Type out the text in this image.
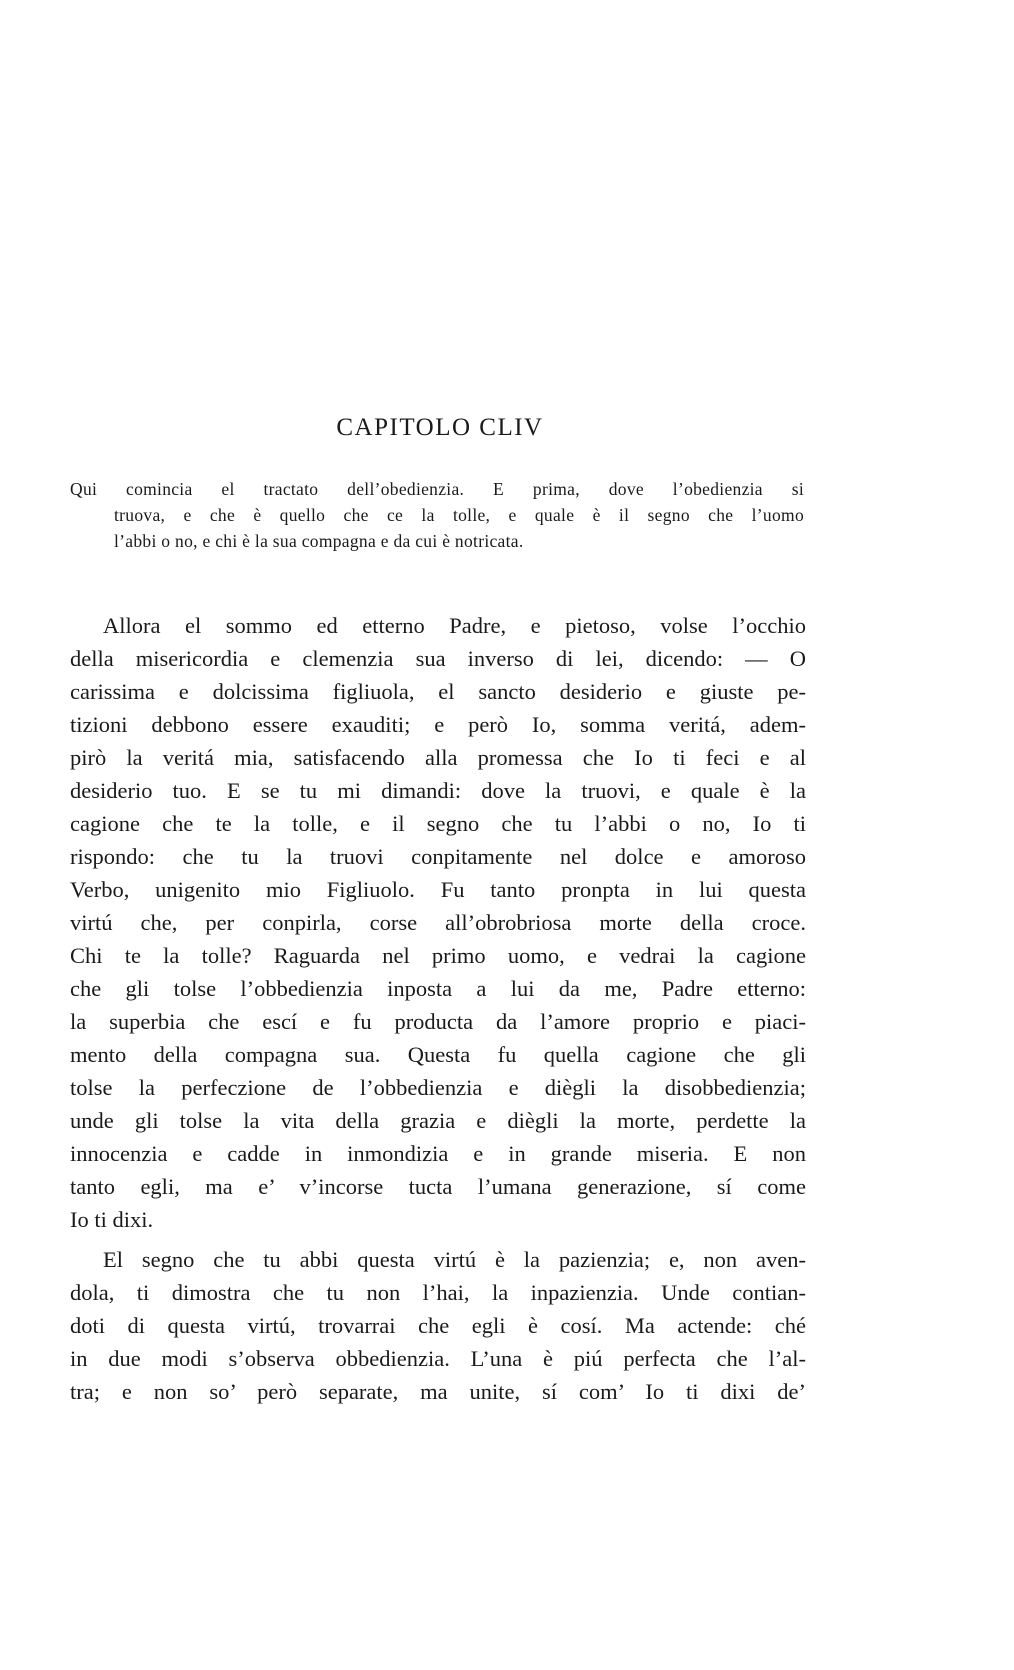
CAPITOLO CLIV
Qui comincia el tractato dell’obedienzia. E prima, dove l’obedienzia si
truova, e che è quello che ce la tolle, e quale è il segno che l’uomo
l’abbi o no, e chi è la sua compagna e da cui è notricata.
Allora el sommo ed etterno Padre, e pietoso, volse l’occhio
della misericordia e clemenzia sua inverso di lei, dicendo: — O
carissima e dolcissima figliuola, el sancto desiderio e giuste pe-
tizioni debbono essere exauditi; e però Io, somma veritá, adem-
pirò la veritá mia, satisfacendo alla promessa che Io ti feci e al
desiderio tuo. E se tu mi dimandi: dove la truovi, e quale è la
cagione che te la tolle, e il segno che tu l’abbi o no, Io ti
rispondo: che tu la truovi conpitamente nel dolce e amoroso
Verbo, unigenito mio Figliuolo. Fu tanto pronpta in lui questa
virtú che, per conpirla, corse all’obrobriosa morte della croce.
Chi te la tolle? Raguarda nel primo uomo, e vedrai la cagione
che gli tolse l’obbedienzia inposta a lui da me, Padre etterno:
la superbia che escí e fu producta da l’amore proprio e piaci-
mento della compagna sua. Questa fu quella cagione che gli
tolse la perfeczione de l’obbedienzia e diègli la disobbedienzia;
unde gli tolse la vita della grazia e diègli la morte, perdette la
innocenzia e cadde in inmondizia e in grande miseria. E non
tanto egli, ma e’ v’incorse tucta l’umana generazione, sí come
Io ti dixi.
El segno che tu abbi questa virtú è la pazienzia; e, non aven-
dola, ti dimostra che tu non l’hai, la inpazienzia. Unde contian-
doti di questa virtú, trovarrai che egli è cosí. Ma actende: ché
in due modi s’observa obbedienzia. L’una è piú perfecta che l’al-
tra; e non so’ però separate, ma unite, sí com’ Io ti dixi de’
